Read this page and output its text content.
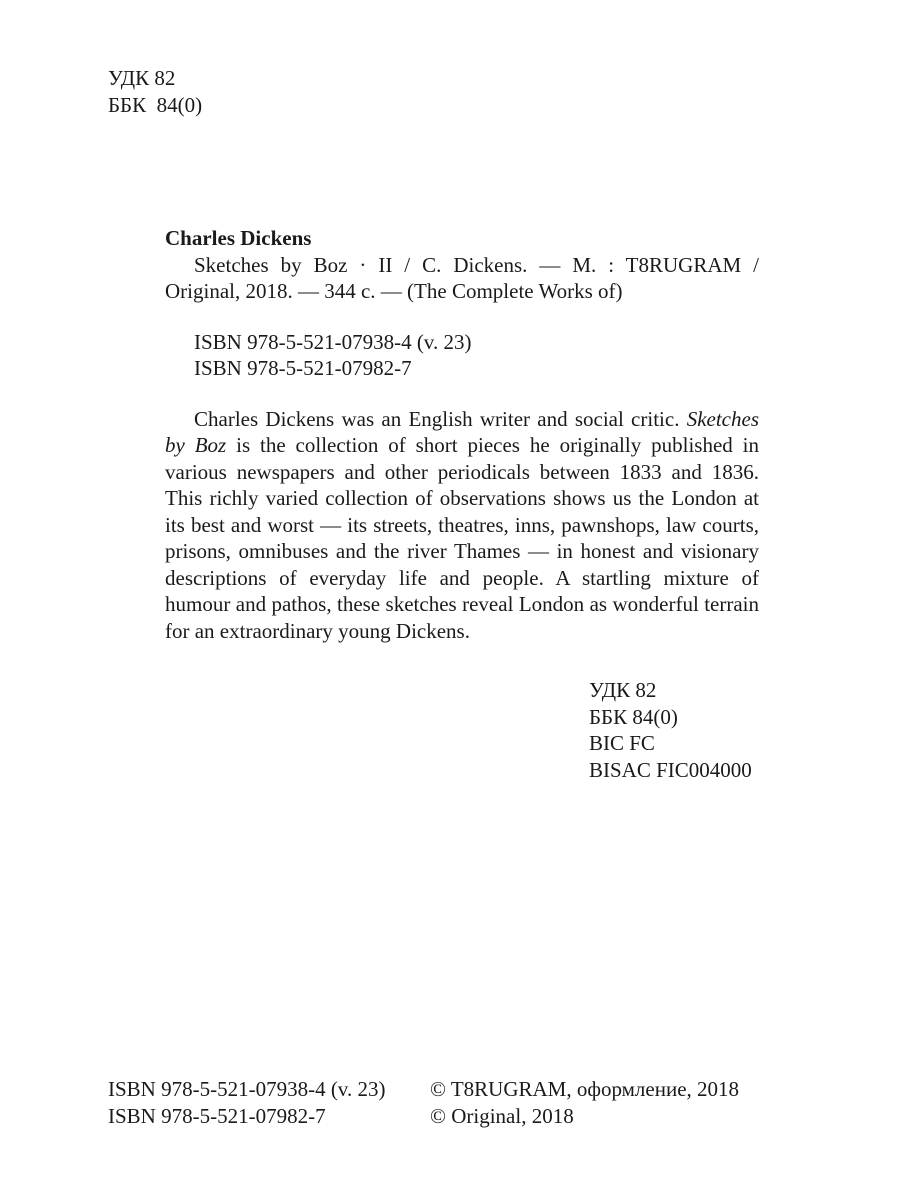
УДК 82
ББК  84(0)
Charles Dickens
Sketches by Boz · II / C. Dickens. — M. : T8RUGRAM /
Original, 2018. — 344 c. — (The Complete Works of)
ISBN 978-5-521-07938-4 (v. 23)
ISBN 978-5-521-07982-7

Charles Dickens was an English writer and social critic. Sketches by Boz is the collection of short pieces he originally published in various newspapers and other periodicals between 1833 and 1836. This richly varied collection of observations shows us the London at its best and worst — its streets, theatres, inns, pawnshops, law courts, prisons, omnibuses and the river Thames — in honest and visionary descriptions of everyday life and people. A startling mixture of humour and pathos, these sketches reveal London as wonderful terrain for an extraordinary young Dickens.

УДК 82
ББК 84(0)
BIC FC
BISAC FIC004000
ISBN 978-5-521-07938-4 (v. 23)
ISBN 978-5-521-07982-7
© T8RUGRAM, оформление, 2018
© Original, 2018
